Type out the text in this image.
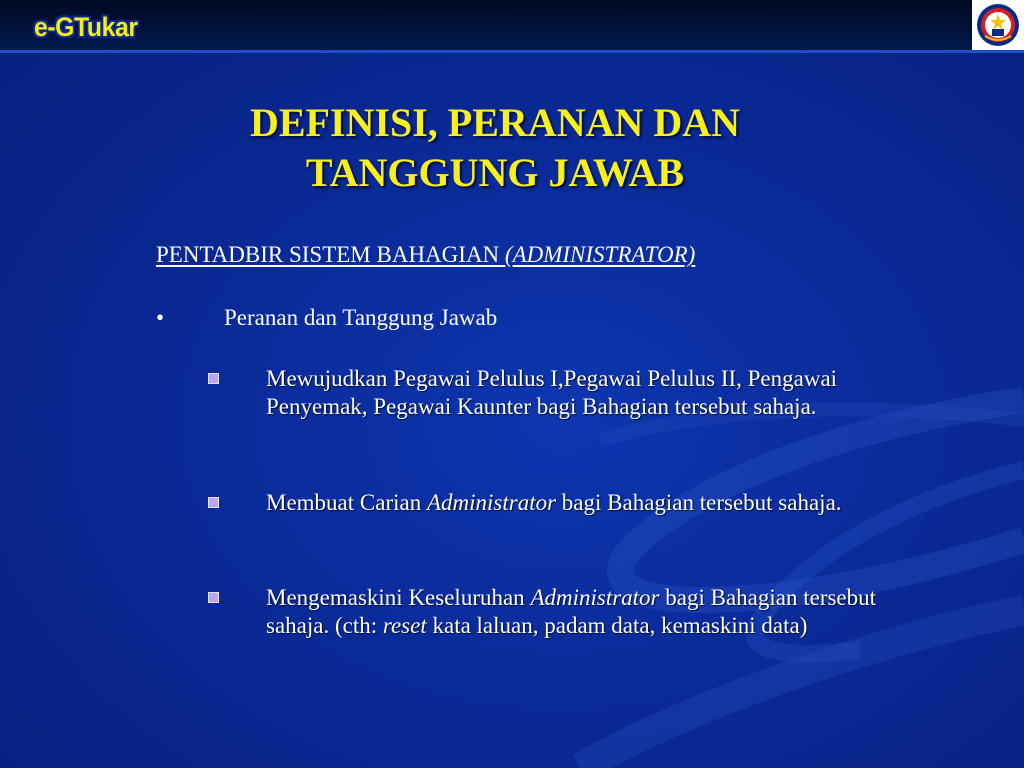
e-GTukar
DEFINISI, PERANAN DAN
TANGGUNG JAWAB
PENTADBIR SISTEM BAHAGIAN (ADMINISTRATOR)
•	Peranan dan Tanggung Jawab
Mewujudkan Pegawai Pelulus I,Pegawai Pelulus II, Pengawai Penyemak, Pegawai Kaunter bagi Bahagian tersebut sahaja.
Membuat Carian Administrator bagi Bahagian tersebut sahaja.
Mengemaskini Keseluruhan Administrator bagi Bahagian tersebut sahaja. (cth: reset kata laluan, padam data, kemaskini data)
